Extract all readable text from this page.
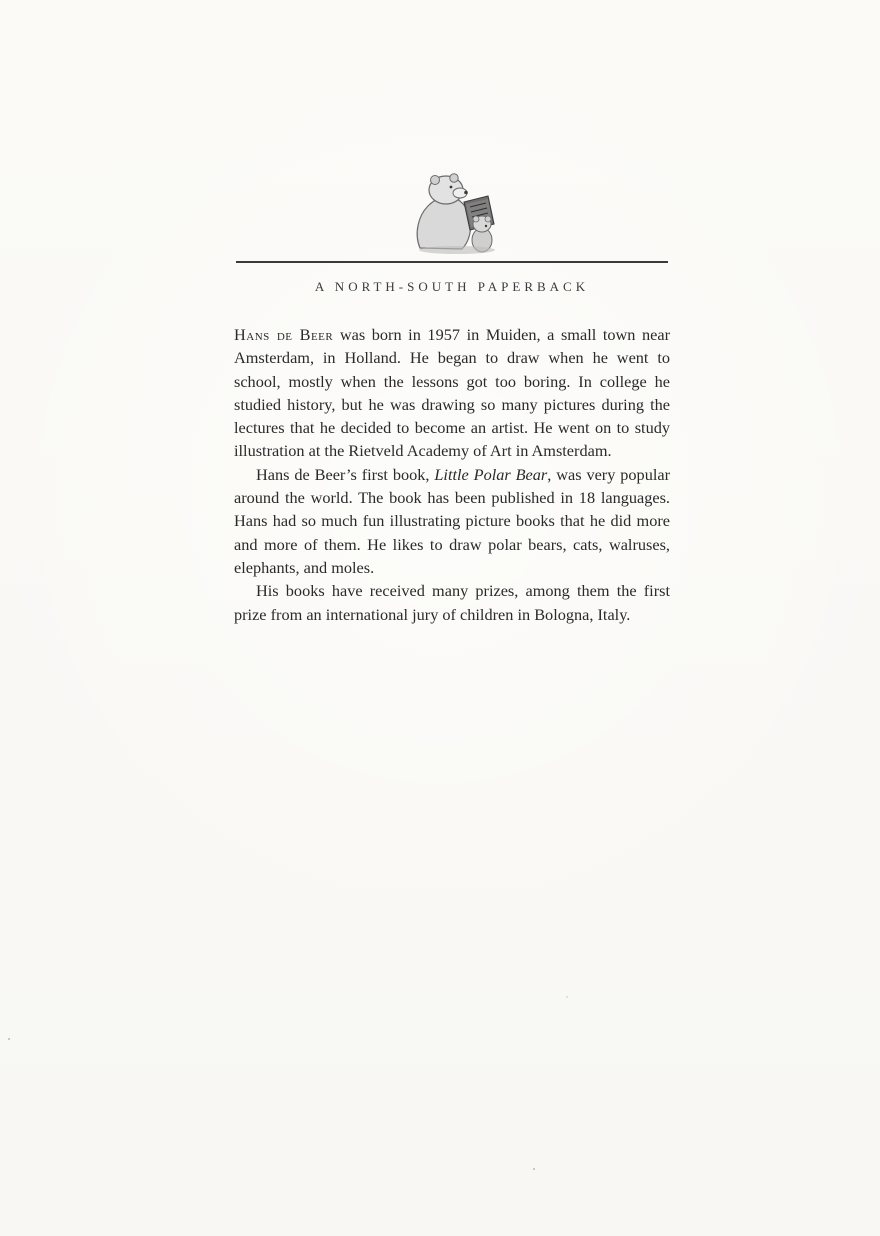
A NORTH-SOUTH PAPERBACK

Hans de Beer was born in 1957 in Muiden, a small town near Amsterdam, in Holland. He began to draw when he went to school, mostly when the lessons got too boring. In college he studied history, but he was drawing so many pictures during the lectures that he decided to become an artist. He went on to study illustration at the Rietveld Academy of Art in Amsterdam.

Hans de Beer’s first book, Little Polar Bear, was very popular around the world. The book has been published in 18 languages. Hans had so much fun illustrating picture books that he did more and more of them. He likes to draw polar bears, cats, walruses, elephants, and moles.

His books have received many prizes, among them the first prize from an international jury of children in Bologna, Italy.
